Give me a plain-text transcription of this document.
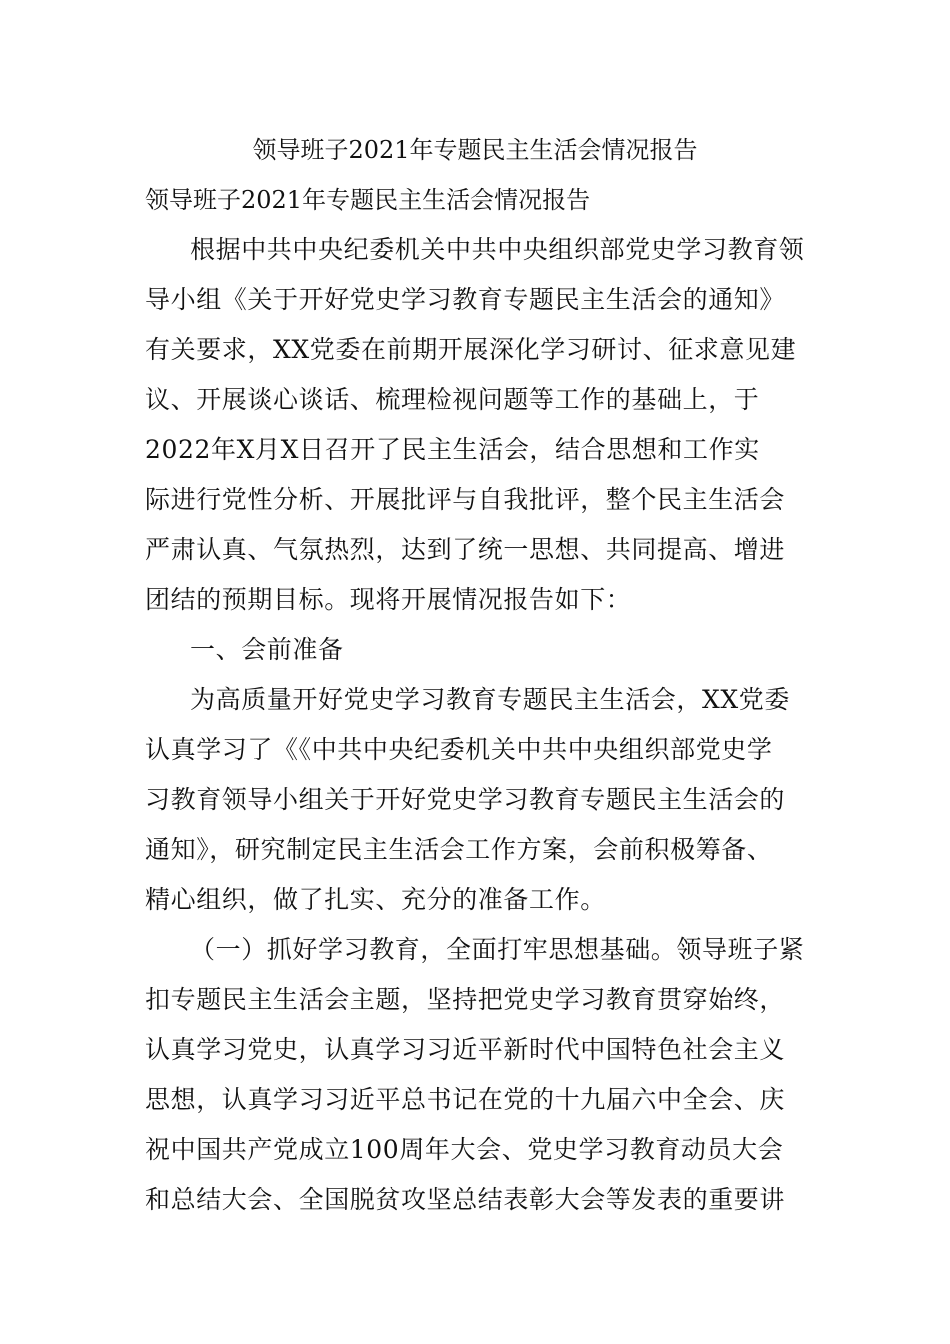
领导班子2021年专题民主生活会情况报告
领导班子2021年专题民主生活会情况报告
根据中共中央纪委机关中共中央组织部党史学习教育领
导小组《关于开好党史学习教育专题民主生活会的通知》
有关要求，XX党委在前期开展深化学习研讨、征求意见建
议、开展谈心谈话、梳理检视问题等工作的基础上，于
2022年X月X日召开了民主生活会，结合思想和工作实
际进行党性分析、开展批评与自我批评，整个民主生活会
严肃认真、气氛热烈，达到了统一思想、共同提高、增进
团结的预期目标。现将开展情况报告如下：
一、会前准备
为高质量开好党史学习教育专题民主生活会，XX党委
认真学习了《《中共中央纪委机关中共中央组织部党史学
习教育领导小组关于开好党史学习教育专题民主生活会的
通知》，研究制定民主生活会工作方案，会前积极筹备、
精心组织，做了扎实、充分的准备工作。
（一）抓好学习教育，全面打牢思想基础。领导班子紧
扣专题民主生活会主题，坚持把党史学习教育贯穿始终，
认真学习党史，认真学习习近平新时代中国特色社会主义
思想，认真学习习近平总书记在党的十九届六中全会、庆
祝中国共产党成立100周年大会、党史学习教育动员大会
和总结大会、全国脱贫攻坚总结表彰大会等发表的重要讲
